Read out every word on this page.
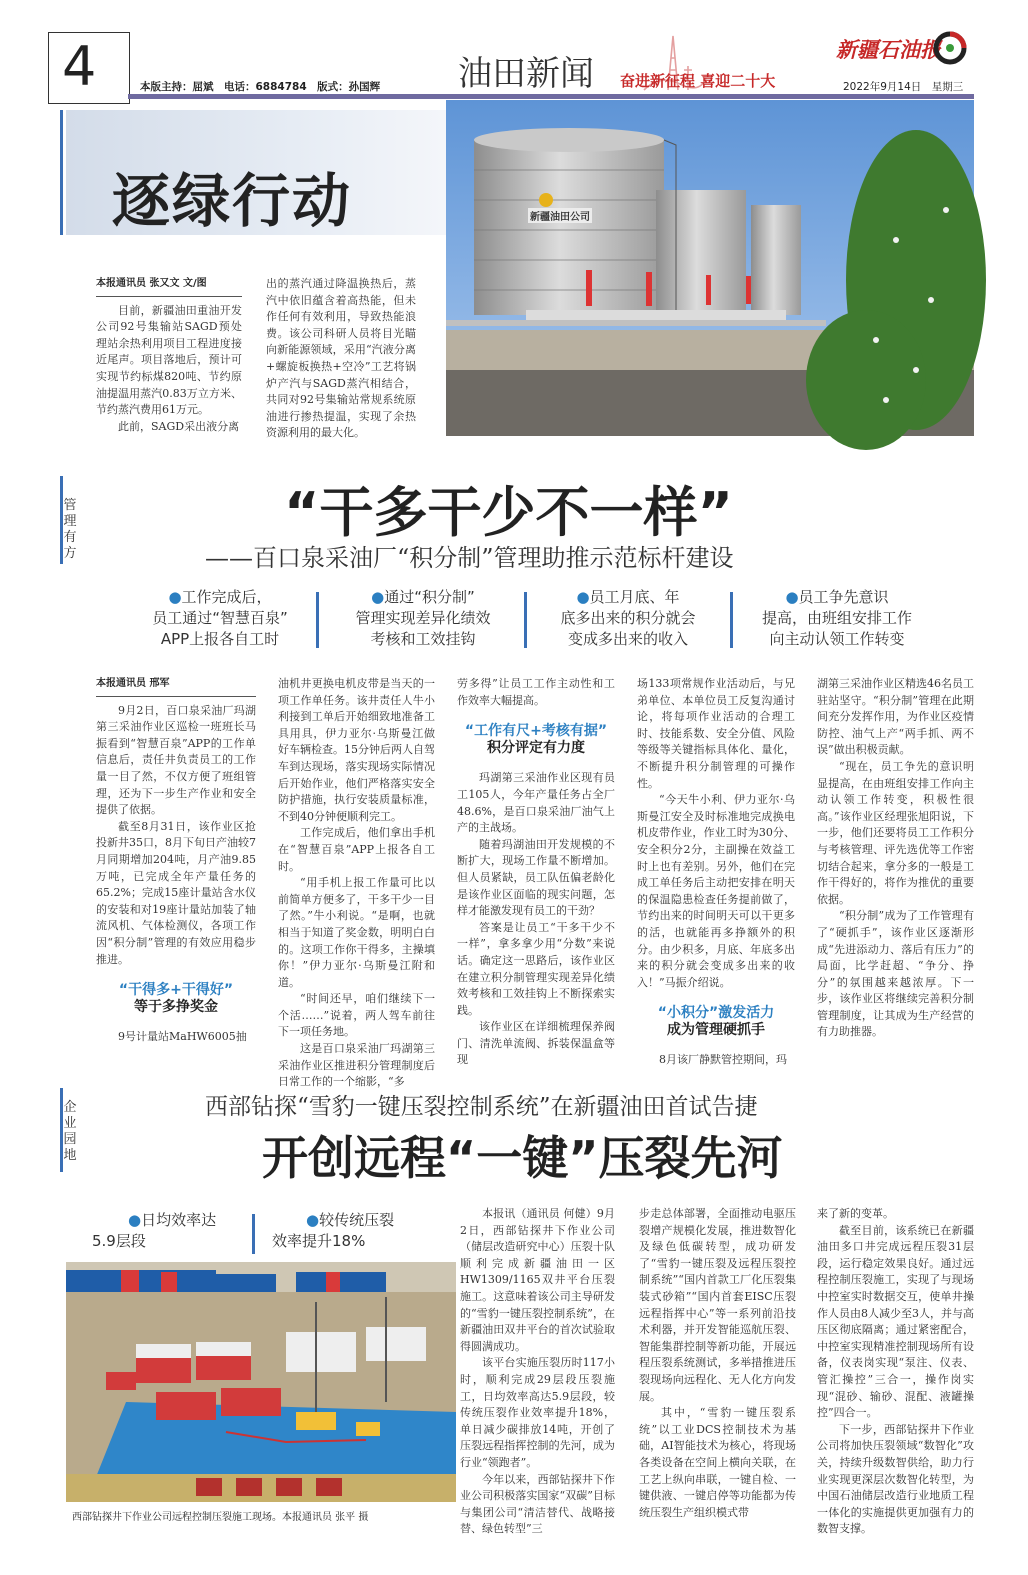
4	本版主持：屈斌　电话：6884784　版式：孙国辉 油田新闻 奋进新征程 喜迎二十大
新疆石油报
2022年9月14日　星期三
逐绿行动
本报通讯员 张又文 文/图

目前，新疆油田重油开发公司92号集输站SAGD预处理站余热利用项目工程进度接近尾声。项目落地后，预计可实现节约标煤820吨、节约原油提温用蒸汽0.83万立方米、节约蒸汽费用61万元。

此前，SAGD采出液分离

出的蒸汽通过降温换热后，蒸汽中依旧蕴含着高热能，但未作任何有效利用，导致热能浪费。该公司科研人员将目光瞄向新能源领域，采用“汽液分离+螺旋板换热+空冷”工艺将锅炉产汽与SAGD蒸汽相结合，共同对92号集输站常规系统原油进行掺热提温，实现了余热资源利用的最大化。

新疆油田公司
管理有方
“干多干少不一样”
——百口泉采油厂“积分制”管理助推示范标杆建设
●工作完成后，
员工通过“智慧百泉”
APP上报各自工时
●通过“积分制”
管理实现差异化绩效
考核和工效挂钩
●员工月底、年
底多出来的积分就会
变成多出来的收入
●员工争先意识
提高，由班组安排工作
向主动认领工作转变
本报通讯员 邢军

9月2日，百口泉采油厂玛湖第三采油作业区巡检一班班长马振看到“智慧百泉”APP的工作单信息后，责任井负责员工的工作量一目了然，不仅方便了班组管理，还为下一步生产作业和安全提供了依据。

截至8月31日，该作业区抢投新井35口，8月下旬日产油较7月同期增加204吨，月产油9.85万吨，已完成全年产量任务的65.2%；完成15座计量站含水仪的安装和对19座计量站加装了轴流风机、气体检测仪，各项工作因“积分制”管理的有效应用稳步推进。

“干得多+干得好”
等于多挣奖金

9号计量站MaHW6005抽

油机井更换电机皮带是当天的一项工作单任务。该井责任人牛小利接到工单后开始细致地准备工具用具，伊力亚尔·乌斯曼江做好车辆检查。15分钟后两人自驾车到达现场，落实现场实际情况后开始作业，他们严格落实安全防护措施，执行安装质量标准，不到40分钟便顺利完工。

工作完成后，他们拿出手机在“智慧百泉”APP上报各自工时。

“用手机上报工作量可比以前简单方便多了，干多干少一目了然。”牛小利说。“是啊，也就相当于知道了奖金数，明明白白的。这项工作你干得多，主操填你！”伊力亚尔·乌斯曼江附和道。

“时间还早，咱们继续下一个活……”说着，两人驾车前往下一项任务地。

这是百口泉采油厂玛湖第三采油作业区推进积分管理制度后日常工作的一个缩影，“多

劳多得”让员工工作主动性和工作效率大幅提高。

“工作有尺+考核有据”
积分评定有力度

玛湖第三采油作业区现有员工105人，今年产量任务占全厂48.6%，是百口泉采油厂油气上产的主战场。

随着玛湖油田开发规模的不断扩大，现场工作量不断增加。但人员紧缺，员工队伍偏老龄化是该作业区面临的现实问题，怎样才能激发现有员工的干劲？

答案是让员工“干多干少不一样”，拿多拿少用“分数”来说话。确定这一思路后，该作业区在建立积分制管理实现差异化绩效考核和工效挂钩上不断探索实践。

该作业区在详细梳理保养阀门、清洗单流阀、拆装保温盒等现

场133项常规作业活动后，与兄弟单位、本单位员工反复沟通讨论，将每项作业活动的合理工时、技能系数、安全分值、风险等级等关键指标具体化、量化，不断提升积分制管理的可操作性。

“今天牛小利、伊力亚尔·乌斯曼江安全及时标准地完成换电机皮带作业，作业工时为30分、安全积分2分，主副操在效益工时上也有差别。另外，他们在完成工单任务后主动把安排在明天的保温隐患检查任务提前做了，节约出来的时间明天可以干更多的活，也就能再多挣额外的积分。由少积多，月底、年底多出来的积分就会变成多出来的收入！”马振介绍说。

“小积分”激发活力
成为管理硬抓手

8月该厂静默管控期间，玛

湖第三采油作业区精选46名员工驻站坚守。“积分制”管理在此期间充分发挥作用，为作业区疫情防控、油气上产“两手抓、两不误”做出积极贡献。

“现在，员工争先的意识明显提高，在由班组安排工作向主动认领工作转变，积极性很高。”该作业区经理张旭阳说，下一步，他们还要将员工工作积分与考核管理、评先选优等工作密切结合起来，拿分多的一般是工作干得好的，将作为推优的重要依据。

“积分制”成为了工作管理有了“硬抓手”，该作业区逐渐形成“先进添动力、落后有压力”的局面，比学赶超、“争分、挣分”的氛围越来越浓厚。下一步，该作业区将继续完善积分制管理制度，让其成为生产经营的有力助推器。

企业园地
西部钻探“雪豹一键压裂控制系统”在新疆油田首试告捷
开创远程“一键”压裂先河
●日均效率达
5.9层段
●较传统压裂
效率提升18%
西部钻探井下作业公司远程控制压裂施工现场。本报通讯员 张平 摄

本报讯（通讯员 何健）9月2日，西部钻探井下作业公司（储层改造研究中心）压裂十队顺利完成新疆油田一区HW1309/1165双井平台压裂施工。这意味着该公司主导研发的“雪豹一键压裂控制系统”，在新疆油田双井平台的首次试验取得圆满成功。

该平台实施压裂历时117小时，顺利完成29层段压裂施工，日均效率高达5.9层段，较传统压裂作业效率提升18%，单日减少碳排放14吨，开创了压裂远程指挥控制的先河，成为行业“领跑者”。

今年以来，西部钻探井下作业公司积极落实国家“双碳”目标与集团公司“清洁替代、战略接替、绿色转型”三

步走总体部署，全面推动电驱压裂增产规模化发展，推进数智化及绿色低碳转型，成功研发了“雪豹一键压裂及远程压裂控制系统”“国内首款工厂化压裂集装式砂箱”“国内首套EISC压裂远程指挥中心”等一系列前沿技术利器，并开发智能巡航压裂、智能集群控制等新功能，开展远程压裂系统测试，多举措推进压裂现场向远程化、无人化方向发展。

其中，“雪豹一键压裂系统”以工业DCS控制技术为基础，AI智能技术为核心，将现场各类设备在空间上横向关联，在工艺上纵向串联，一键自检、一键供液、一键启停等功能都为传统压裂生产组织模式带

来了新的变革。

截至目前，该系统已在新疆油田多口井完成远程压裂31层段，运行稳定效果良好。通过远程控制压裂施工，实现了与现场中控室实时数据交互，使单井操作人员由8人减少至3人，并与高压区彻底隔离；通过紧密配合，中控室实现精准控制现场所有设备，仪表岗实现“泵注、仪表、管汇操控”三合一，操作岗实现“混砂、输砂、混配、液罐操控”四合一。

下一步，西部钻探井下作业公司将加快压裂领域“数智化”攻关，持续升级数智供给，助力行业实现更深层次数智化转型，为中国石油储层改造行业地质工程一体化的实施提供更加强有力的数智支撑。
